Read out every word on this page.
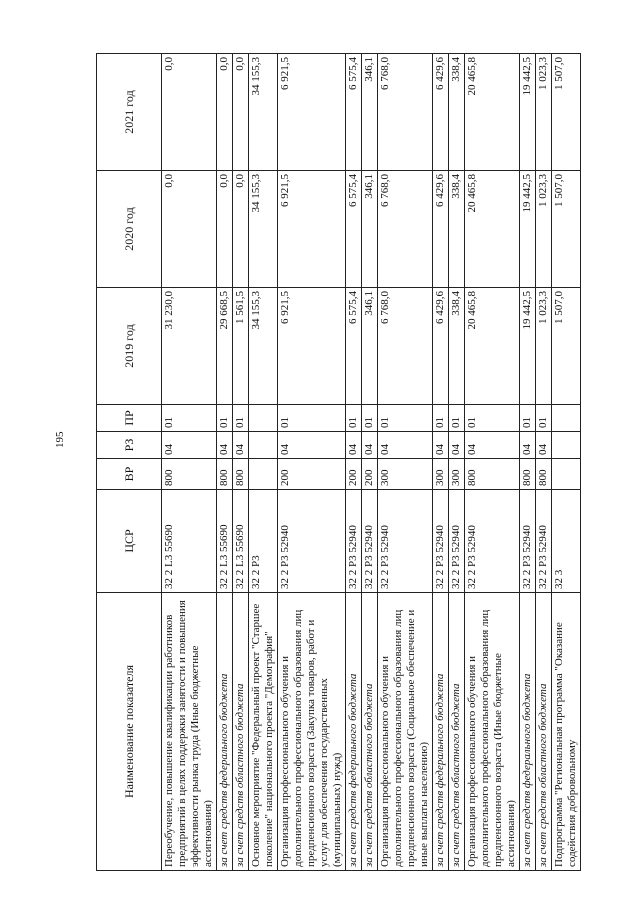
195
Наименование показателя	ЦСР	ВР	РЗ	ПР	2019 год	2020 год	2021 год
Переобучение, повышение квалификации работников предприятий в целях поддержки занятости и повышения эффективности рынка труда (Иные бюджетные ассигнования)	32 2 L3 55690	800	04	01	31 230,0	0,0	0,0
за счет средств федерального бюджета	32 2 L3 55690	800	04	01	29 668,5	0,0	0,0
за счет средств областного бюджета	32 2 L3 55690	800	04	01	1 561,5	0,0	0,0
Основное мероприятие "Федеральный проект "Старшее поколение" национального проекта "Демография"	32 2 P3				34 155,3	34 155,3	34 155,3
Организация профессионального обучения и дополнительного профессионального образования лиц предпенсионного возраста (Закупка товаров, работ и услуг для обеспечения государственных (муниципальных) нужд)	32 2 P3 52940	200	04	01	6 921,5	6 921,5	6 921,5
за счет средств федерального бюджета	32 2 P3 52940	200	04	01	6 575,4	6 575,4	6 575,4
за счет средств областного бюджета	32 2 P3 52940	200	04	01	346,1	346,1	346,1
Организация профессионального обучения и дополнительного профессионального образования лиц предпенсионного возраста (Социальное обеспечение и иные выплаты населению)	32 2 P3 52940	300	04	01	6 768,0	6 768,0	6 768,0
за счет средств федерального бюджета	32 2 P3 52940	300	04	01	6 429,6	6 429,6	6 429,6
за счет средств областного бюджета	32 2 P3 52940	300	04	01	338,4	338,4	338,4
Организация профессионального обучения и дополнительного профессионального образования лиц предпенсионного возраста (Иные бюджетные ассигнования)	32 2 P3 52940	800	04	01	20 465,8	20 465,8	20 465,8
за счет средств федерального бюджета	32 2 P3 52940	800	04	01	19 442,5	19 442,5	19 442,5
за счет средств областного бюджета	32 2 P3 52940	800	04	01	1 023,3	1 023,3	1 023,3
Подпрограмма "Региональная программа "Оказание содействия добровольному	32 3				1 507,0	1 507,0	1 507,0
